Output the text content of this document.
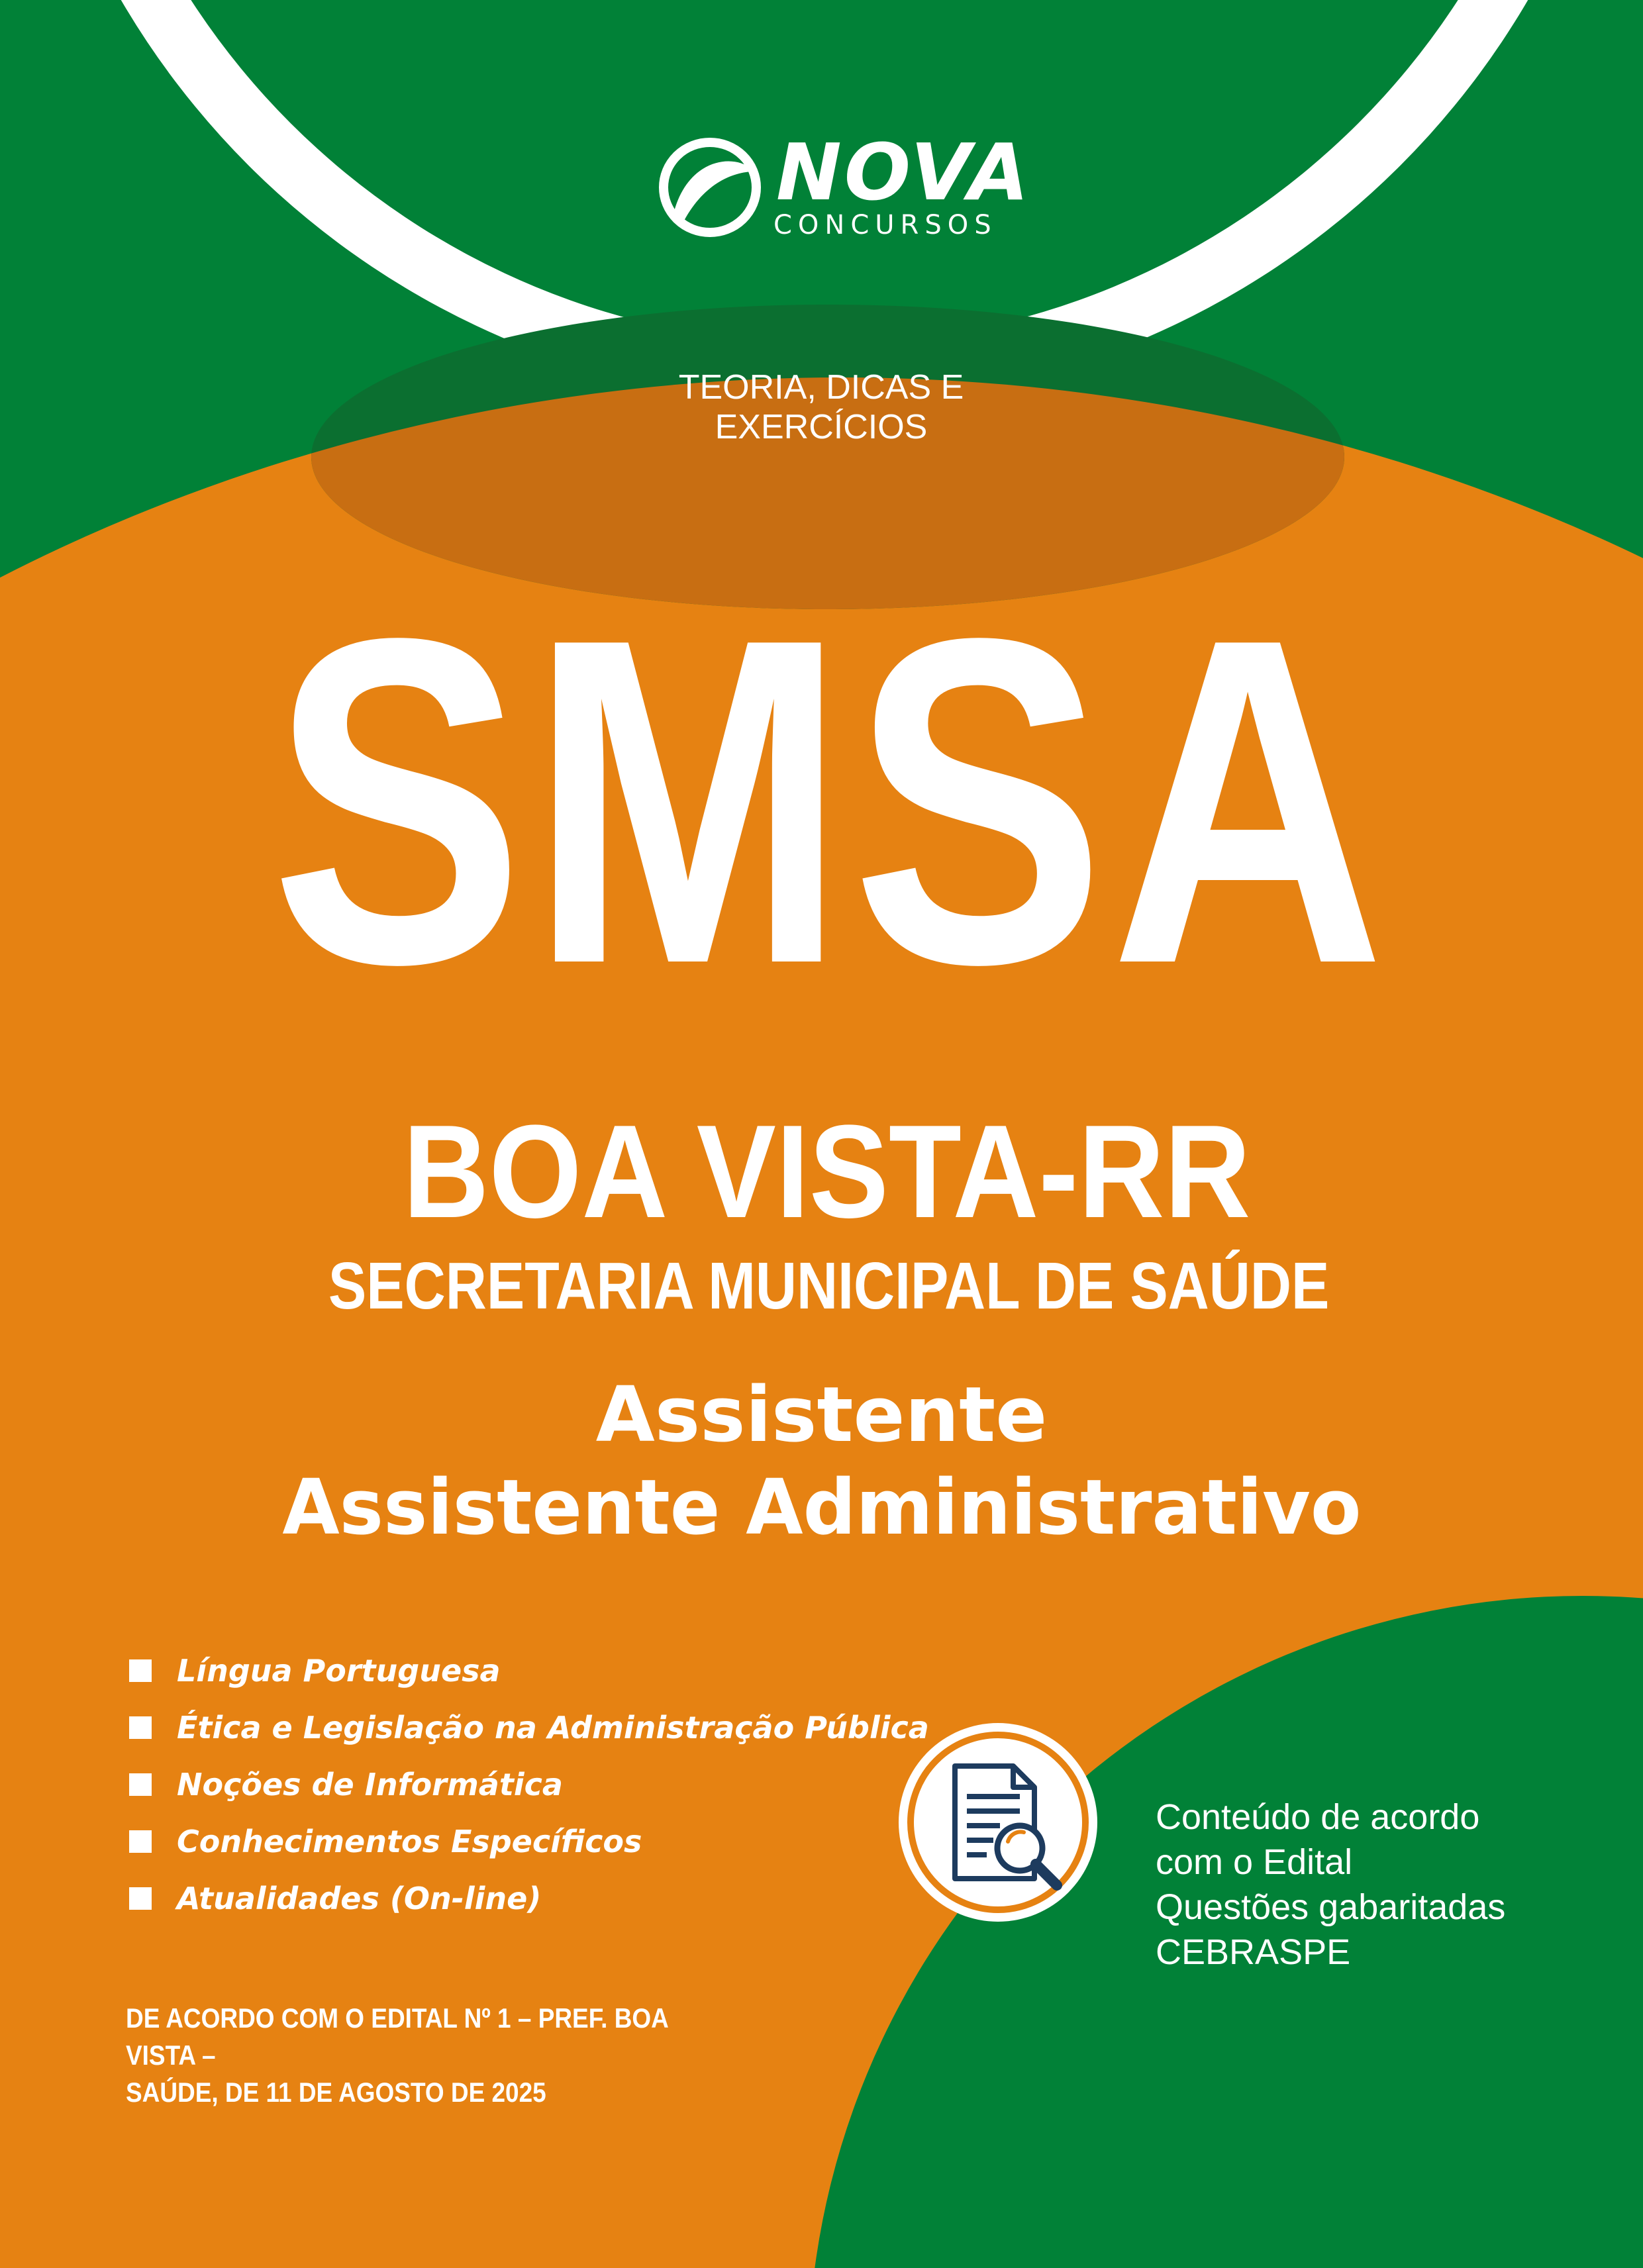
NOVA
CONCURSOS
TEORIA, DICAS E
EXERCÍCIOS
SMSA
BOA VISTA-RR
SECRETARIA MUNICIPAL DE SAÚDE
Assistente
Assistente Administrativo
Língua Portuguesa
Ética e Legislação na Administração Pública
Noções de Informática
Conhecimentos Específicos
Atualidades (On-line)
DE ACORDO COM O EDITAL Nº 1 – PREF. BOA VISTA –
SAÚDE, DE 11 DE AGOSTO DE 2025
Conteúdo de acordo
com o Edital
Questões gabaritadas
CEBRASPE
